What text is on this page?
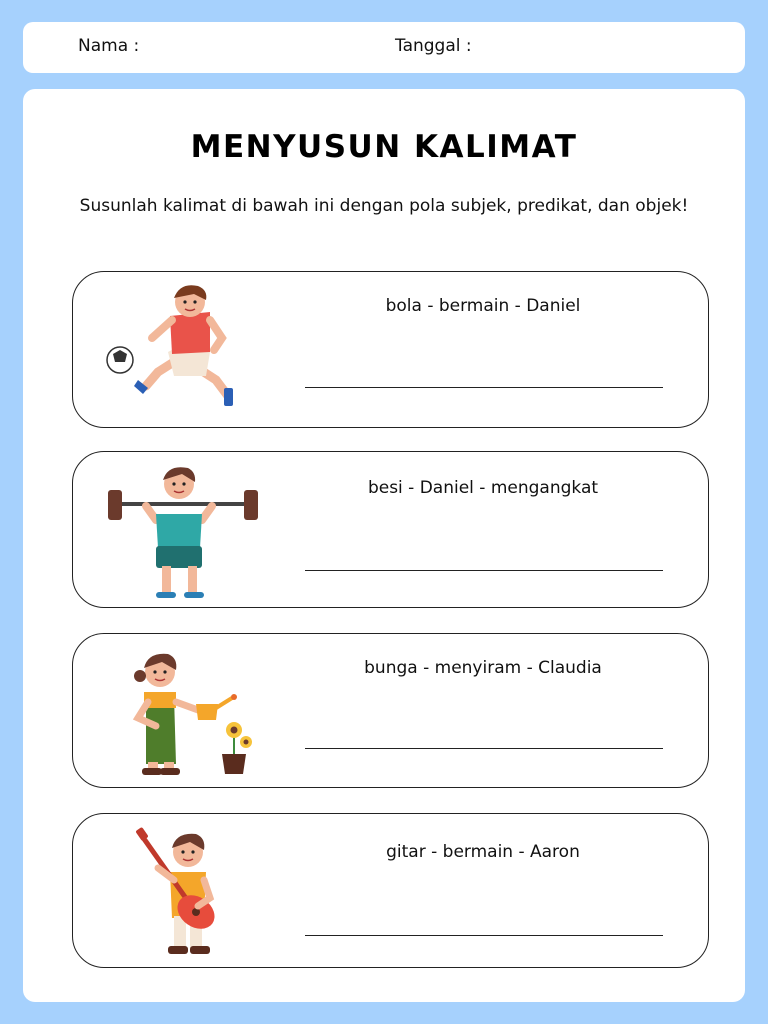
Nama :	Tanggal :
MENYUSUN KALIMAT
Susunlah kalimat di bawah ini dengan pola subjek, predikat, dan objek!
bola - bermain - Daniel
besi - Daniel - mengangkat
bunga - menyiram - Claudia
gitar - bermain - Aaron
